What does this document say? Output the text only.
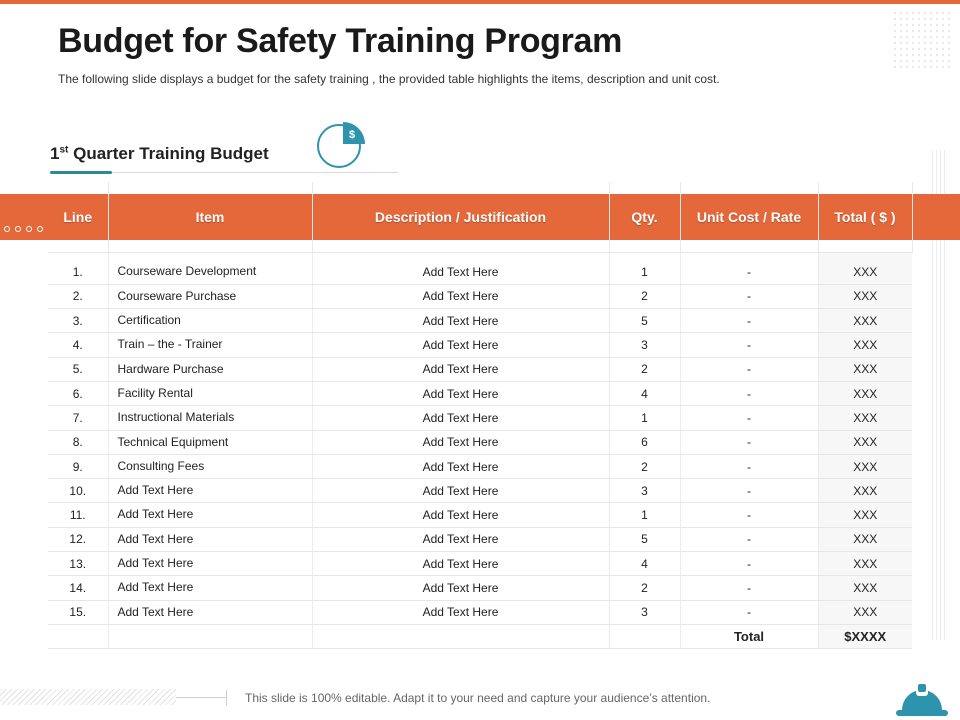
Budget for Safety Training Program

The following slide displays a budget for the safety training , the provided table highlights the items, description and unit cost.

1st Quarter Training Budget
$
Line	Item	Description / Justification	Qty.	Unit Cost / Rate	Total ( $ )

1.	Courseware Development	Add Text Here	1	-	XXX
2.	Courseware Purchase	Add Text Here	2	-	XXX
3.	Certification	Add Text Here	5	-	XXX
4.	Train – the - Trainer	Add Text Here	3	-	XXX
5.	Hardware Purchase	Add Text Here	2	-	XXX
6.	Facility Rental	Add Text Here	4	-	XXX
7.	Instructional Materials	Add Text Here	1	-	XXX
8.	Technical Equipment	Add Text Here	6	-	XXX
9.	Consulting Fees	Add Text Here	2	-	XXX
10.	Add Text Here	Add Text Here	3	-	XXX
11.	Add Text Here	Add Text Here	1	-	XXX
12.	Add Text Here	Add Text Here	5	-	XXX
13.	Add Text Here	Add Text Here	4	-	XXX
14.	Add Text Here	Add Text Here	2	-	XXX
15.	Add Text Here	Add Text Here	3	-	XXX
				Total	$XXXX

This slide is 100% editable. Adapt it to your need and capture your audience’s attention.
